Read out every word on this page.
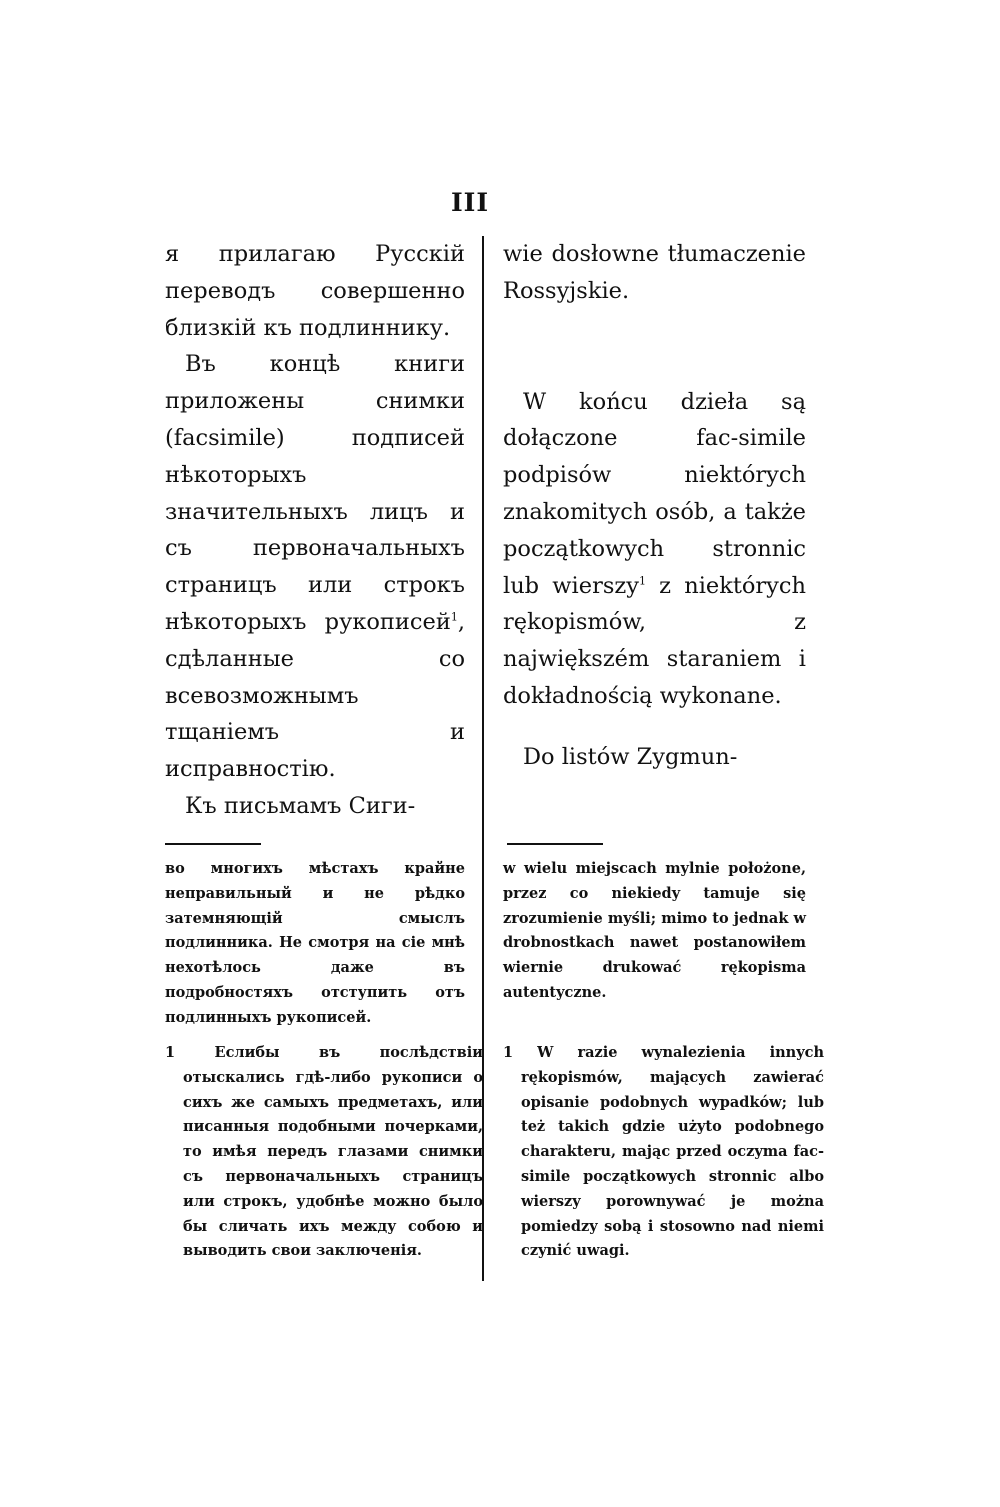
III

я прилагаю Русскій переводъ совершенно близкій къ подлиннику.

Въ концѣ книги приложены снимки (facsimile) подписей нѣкоторыхъ значительныхъ лицъ и съ первоначальныхъ страницъ или строкъ нѣкоторыхъ рукописей$^1$, сдѣланные со всевозможнымъ тщаніемъ и исправностію.

Къ письмамъ Сиги-

во многихъ мѣстахъ крайне неправильный и не рѣдко затемняющій смыслъ подлинника. Не смотря на сіе мнѣ нехотѣлось даже въ подробностяхъ отступить отъ подлинныхъ рукописей.
1	Еслибы въ послѣдствіи отыскались гдѣ-либо рукописи о сихъ же самыхъ предметахъ, или писанныя подобными почерками, то имѣя передъ глазами снимки съ первоначальныхъ страницъ или строкъ, удобнѣе можно было бы сличать ихъ между собою и выводить свои заключенія.

wie dosłowne tłumaczenie Rossyjskie.

W końcu dzieła są dołączone fac-simile podpisów niektórych znakomitych osób, a także początkowych stronnic lub wierszy$^1$ z niektórych rękopismów, z największém staraniem i dokładnością wykonane.

Do listów Zygmun-

w wielu miejscach mylnie położone, przez co niekiedy tamuje się zrozumienie myśli; mimo to jednak w drobnostkach nawet postanowiłem wiernie drukować rękopisma autentyczne.
1 W razie wynalezienia innych rękopismów, mających zawierać opisanie podobnych wypadków; lub też takich gdzie użyto podobnego charakteru, mając przed oczyma fac-simile początkowych stronnic albo wierszy porownywać je można pomiedzy sobą i stosowno nad niemi czynić uwagi.
